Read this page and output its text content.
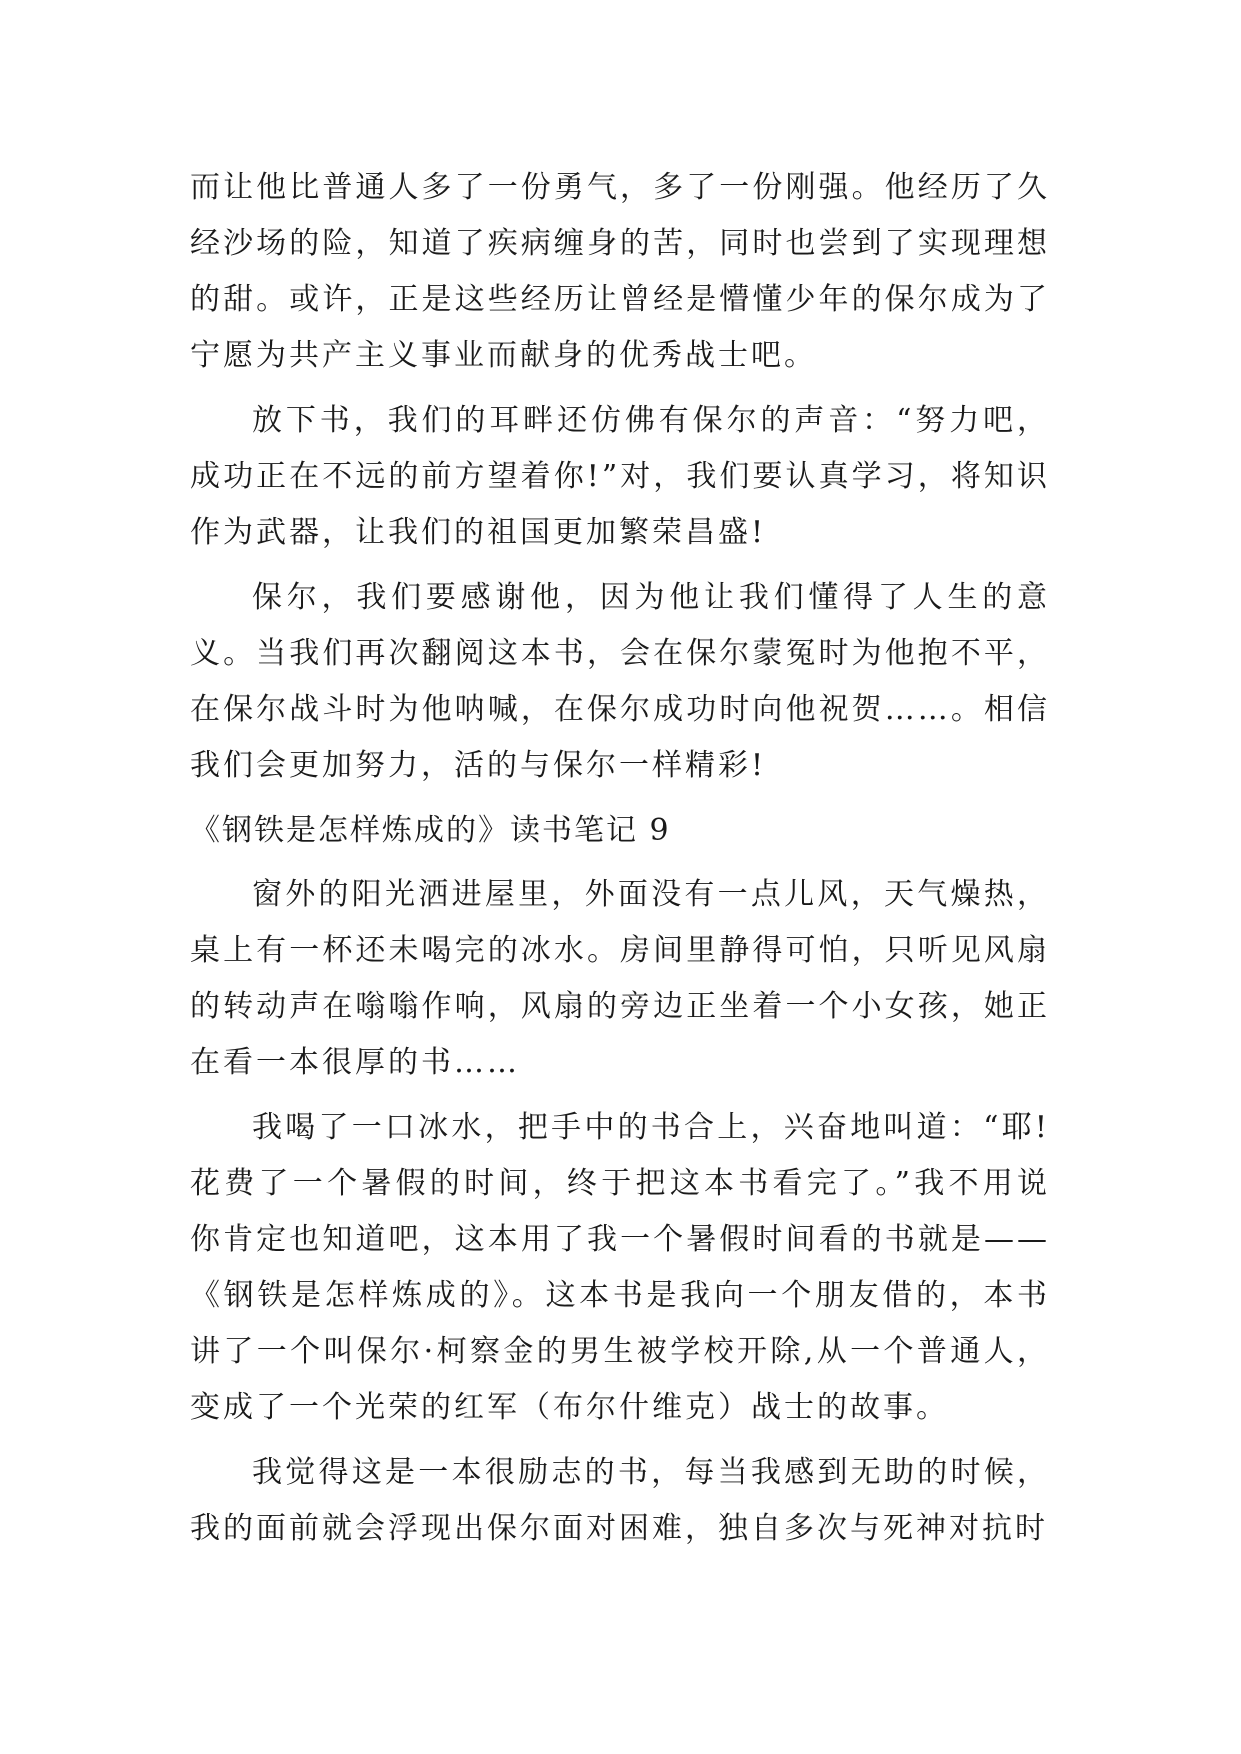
而让他比普通人多了一份勇气，多了一份刚强。他经历了久经沙场的险，知道了疾病缠身的苦，同时也尝到了实现理想的甜。或许，正是这些经历让曾经是懵懂少年的保尔成为了宁愿为共产主义事业而献身的优秀战士吧。

放下书，我们的耳畔还仿佛有保尔的声音：“努力吧，成功正在不远的前方望着你!”对，我们要认真学习，将知识作为武器，让我们的祖国更加繁荣昌盛!

保尔，我们要感谢他，因为他让我们懂得了人生的意义。当我们再次翻阅这本书，会在保尔蒙冤时为他抱不平，在保尔战斗时为他呐喊，在保尔成功时向他祝贺……。相信我们会更加努力，活的与保尔一样精彩!

《钢铁是怎样炼成的》读书笔记 9

窗外的阳光洒进屋里，外面没有一点儿风，天气燥热，桌上有一杯还未喝完的冰水。房间里静得可怕，只听见风扇的转动声在嗡嗡作响，风扇的旁边正坐着一个小女孩，她正在看一本很厚的书……

我喝了一口冰水，把手中的书合上，兴奋地叫道：“耶!花费了一个暑假的时间，终于把这本书看完了。”我不用说你肯定也知道吧，这本用了我一个暑假时间看的书就是——《钢铁是怎样炼成的》。这本书是我向一个朋友借的，本书讲了一个叫保尔·柯察金的男生被学校开除,从一个普通人，变成了一个光荣的红军（布尔什维克）战士的故事。

我觉得这是一本很励志的书，每当我感到无助的时候，我的面前就会浮现出保尔面对困难，独自多次与死神对抗时
